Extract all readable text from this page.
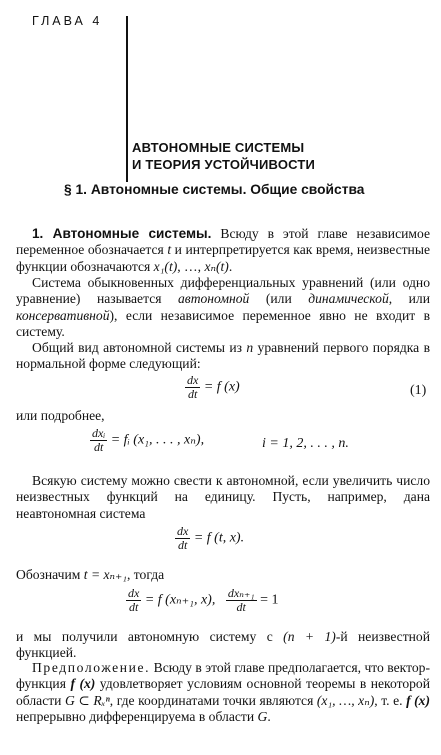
ГЛАВА 4
АВТОНОМНЫЕ СИСТЕМЫ
И ТЕОРИЯ УСТОЙЧИВОСТИ
§ 1. Автономные системы. Общие свойства

1. Автономные системы. Всюду в этой главе независимое переменное обозначается t и интерпретируется как время, неизвестные функции обозначаются x₁(t), …, xₙ(t).

Система обыкновенных дифференциальных уравнений (или одно уравнение) называется автономной (или динамической, или консервативной), если независимое переменное явно не входит в систему.

Общий вид автономной системы из n уравнений первого порядка в нормальной форме следующий:

$\frac{dx}{dt} = f$ (x)	(1)

или подробнее,

$\frac{\text{dxᵢ}}{dt}$ = fᵢ (x₁, . . . , xₙ),	i = 1, 2, . . . , n.

Всякую систему можно свести к автономной, если увеличить число неизвестных функций на единицу. Пусть, например, дана неавтономная система

$\frac{dx}{dt} = f$ (t, x).

Обозначим t = xₙ₊₁, тогда

$\frac{dx}{dt} = f$ (xₙ₊₁, x), $\frac{\text{dxₙ₊₁}}{dt} = 1$

и мы получили автономную систему с (n + 1)-й неизвестной функцией.

Предположение. Всюду в этой главе предполагается, что вектор-функция f (x) удовлетворяет условиям основной теоремы в некоторой области G ⊂ Rₓⁿ, где координатами точки являются (x₁, …, xₙ), т. е. f (x) непрерывно дифференцируема в области G.
